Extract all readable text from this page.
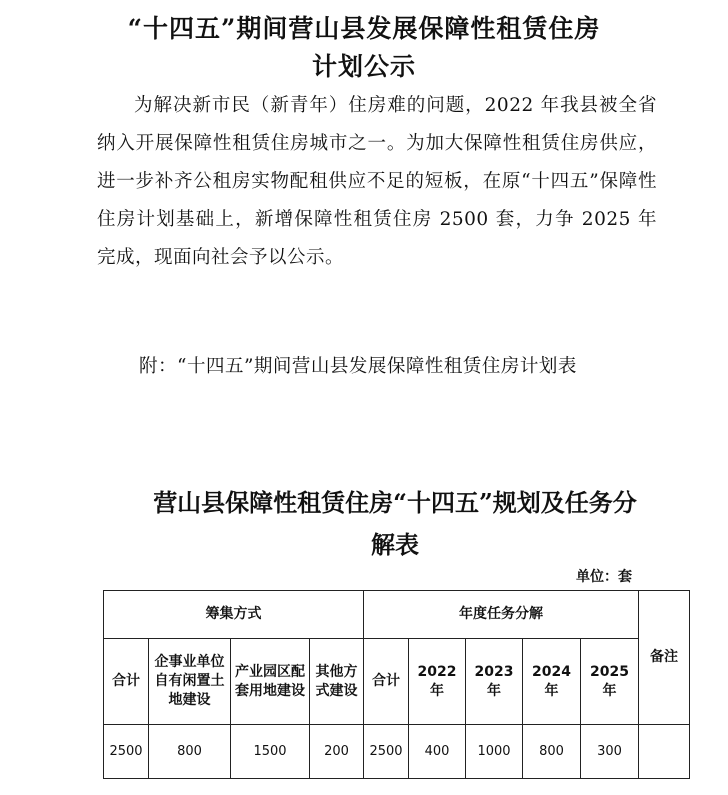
“十四五”期间营山县发展保障性租赁住房
计划公示

为解决新市民（新青年）住房难的问题，2022 年我县被全省纳入开展保障性租赁住房城市之一。为加大保障性租赁住房供应，进一步补齐公租房实物配租供应不足的短板，在原“十四五”保障性住房计划基础上，新增保障性租赁住房 2500 套，力争 2025 年完成，现面向社会予以公示。

附：“十四五”期间营山县发展保障性租赁住房计划表

营山县保障性租赁住房“十四五”规划及任务分
解表

单位：套

筹集方式				年度任务分解					备注
合计	企事业单位自有闲置土地建设	产业园区配套用地建设	其他方式建设	合计	2022 年	2023 年	2024 年	2025 年	
2500	800	1500	200	2500	400	1000	800	300	
